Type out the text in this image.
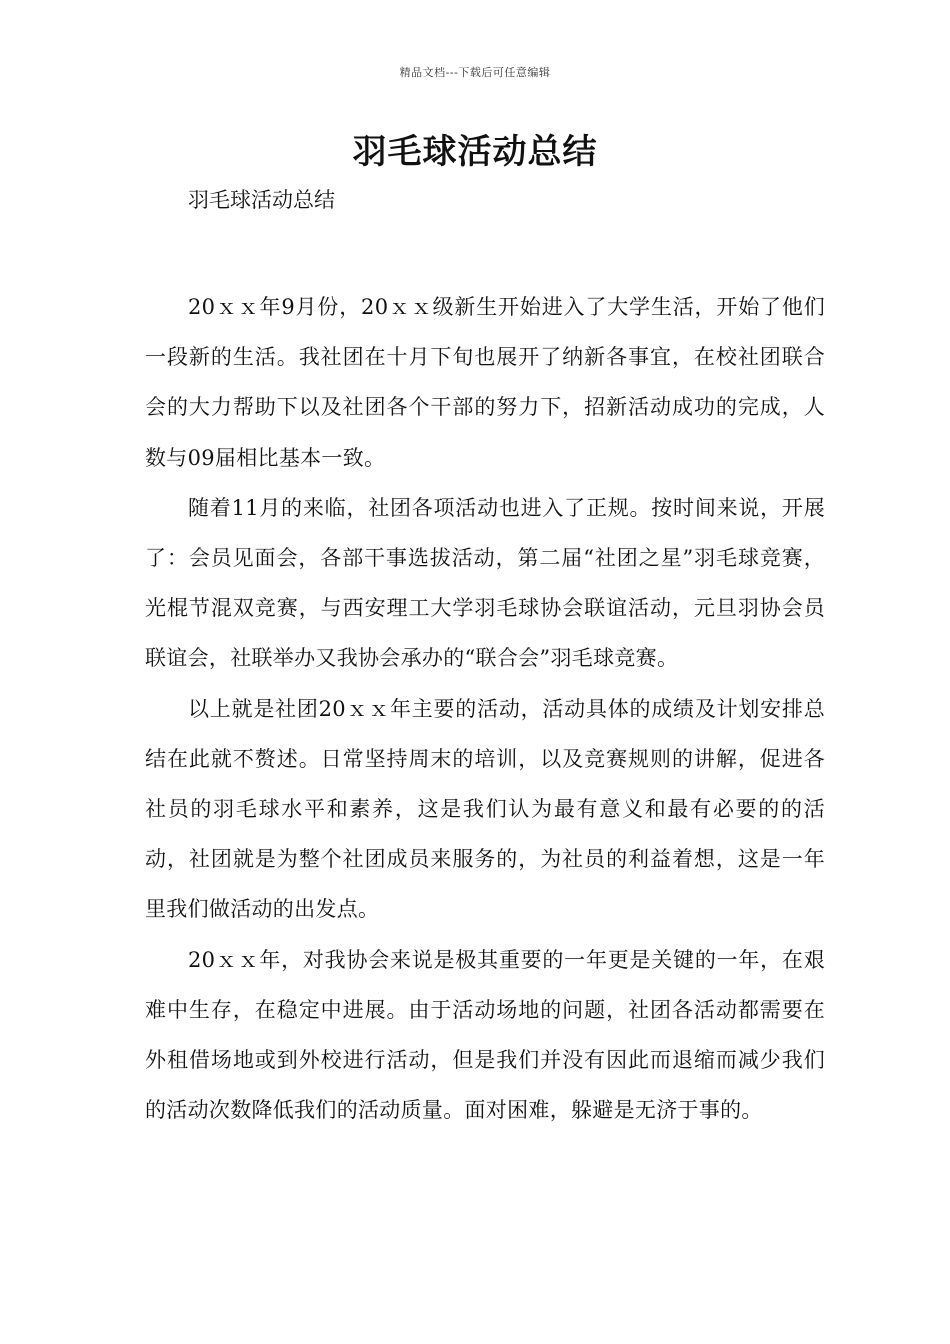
精品文档---下载后可任意编辑
羽毛球活动总结

羽毛球活动总结

20ｘｘ年9月份，20ｘｘ级新生开始进入了大学生活，开始了他们一段新的生活。我社团在十月下旬也展开了纳新各事宜，在校社团联合会的大力帮助下以及社团各个干部的努力下，招新活动成功的完成，人数与09届相比基本一致。

随着11月的来临，社团各项活动也进入了正规。按时间来说，开展了：会员见面会，各部干事选拔活动，第二届“社团之星”羽毛球竞赛，光棍节混双竞赛，与西安理工大学羽毛球协会联谊活动，元旦羽协会员联谊会，社联举办又我协会承办的“联合会”羽毛球竞赛。

以上就是社团20ｘｘ年主要的活动，活动具体的成绩及计划安排总结在此就不赘述。日常坚持周末的培训，以及竞赛规则的讲解，促进各社员的羽毛球水平和素养，这是我们认为最有意义和最有必要的的活动，社团就是为整个社团成员来服务的，为社员的利益着想，这是一年里我们做活动的出发点。

20ｘｘ年，对我协会来说是极其重要的一年更是关键的一年，在艰难中生存，在稳定中进展。由于活动场地的问题，社团各活动都需要在外租借场地或到外校进行活动，但是我们并没有因此而退缩而减少我们的活动次数降低我们的活动质量。面对困难，躲避是无济于事的。
